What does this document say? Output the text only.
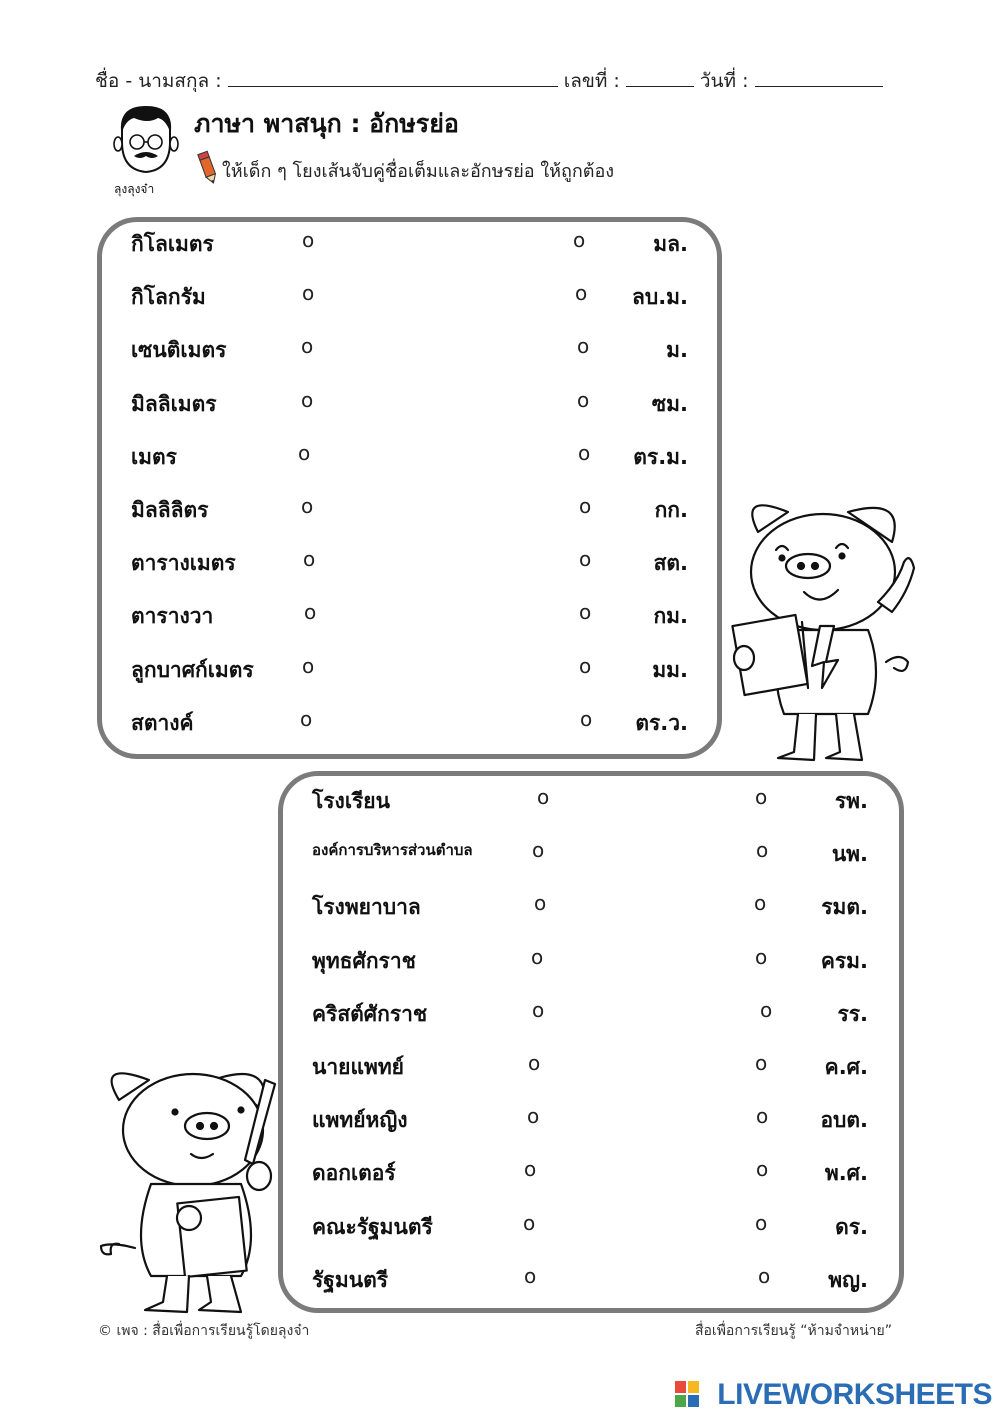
ชื่อ - นามสกุล :	เลขที่ :	วันที่ :
ลุงลุงจ๋า
ภาษา พาสนุก : อักษรย่อ
ให้เด็ก ๆ โยงเส้นจับคู่ชื่อเต็มและอักษรย่อ ให้ถูกต้อง
กิโลเมตร	o	o	มล.
กิโลกรัม	o	o ลบ.ม.
เซนติเมตร	o	o	ม.
มิลลิเมตร	o	o	ซม.
เมตร	o	o ตร.ม.
มิลลิลิตร	o	o	กก.
ตารางเมตร	o	o	สต.
ตารางวา	o	o	กม.
ลูกบาศก์เมตร o	o	มม.
สตางค์	o	o ตร.ว.
โรงเรียน	o	o	รพ.
องค์การบริหารส่วนตำบล	o	o	นพ.
โรงพยาบาล	o	o	รมต.
พุทธศักราช	o	o	ครม.
คริสต์ศักราช	o	o	รร.
นายแพทย์	o	o	ค.ศ.
แพทย์หญิง	o	o อบต.
ดอกเตอร์	o	o	พ.ศ.
คณะรัฐมนตรี	o	o	ดร.
รัฐมนตรี	o	o	พญ.
© เพจ : สื่อเพื่อการเรียนรู้โดยลุงจ๋า	สื่อเพื่อการเรียนรู้ “ห้ามจำหน่าย”
LIVEWORKSHEETS
